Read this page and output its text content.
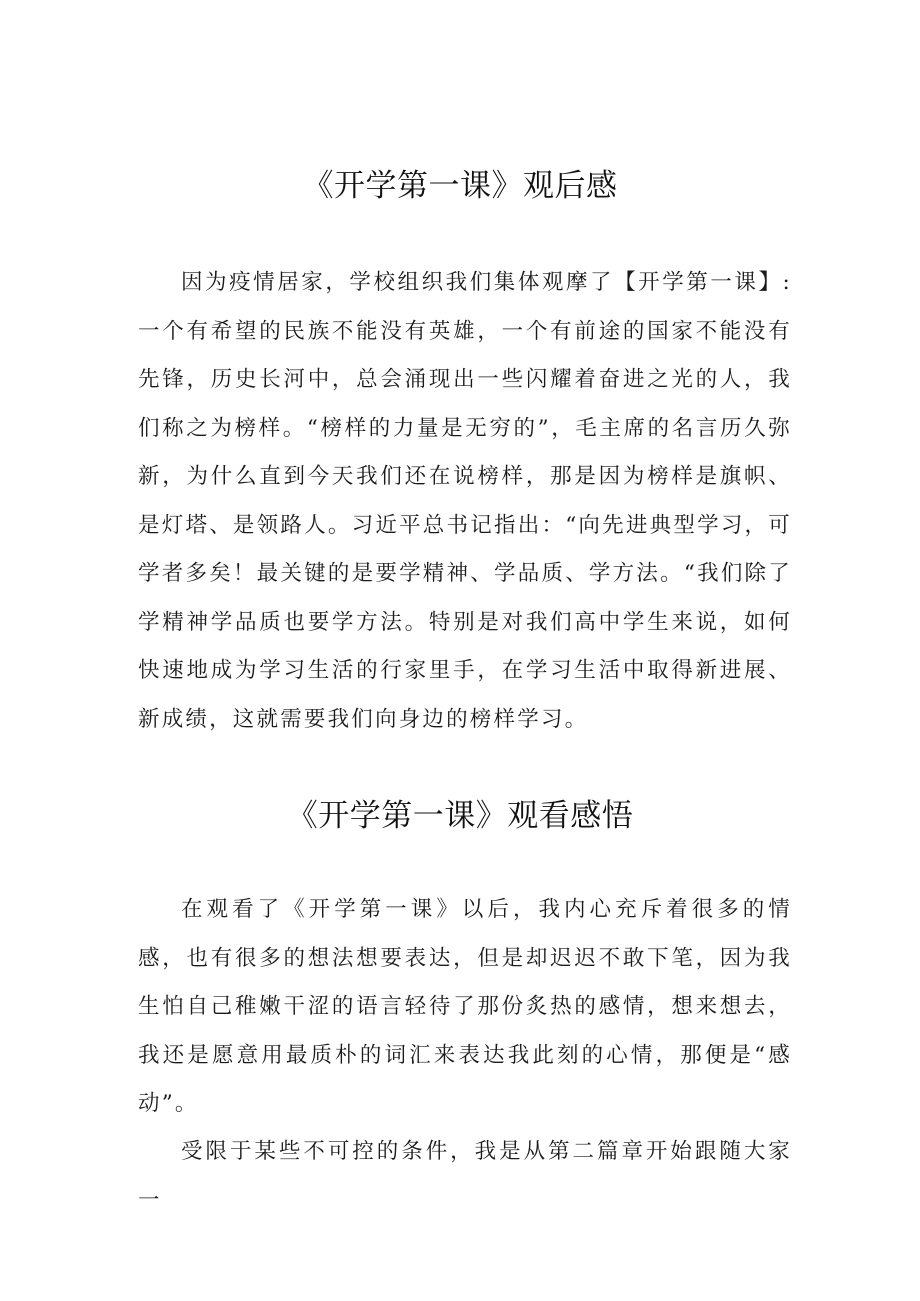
《开学第一课》观后感

因为疫情居家，学校组织我们集体观摩了【开学第一课】:一个有希望的民族不能没有英雄，一个有前途的国家不能没有先锋，历史长河中，总会涌现出一些闪耀着奋进之光的人，我们称之为榜样。“榜样的力量是无穷的”，毛主席的名言历久弥新，为什么直到今天我们还在说榜样，那是因为榜样是旗帜、是灯塔、是领路人。习近平总书记指出：“向先进典型学习，可学者多矣！最关键的是要学精神、学品质、学方法。“我们除了学精神学品质也要学方法。特别是对我们高中学生来说，如何快速地成为学习生活的行家里手，在学习生活中取得新进展、新成绩，这就需要我们向身边的榜样学习。

《开学第一课》观看感悟

在观看了《开学第一课》以后，我内心充斥着很多的情感，也有很多的想法想要表达，但是却迟迟不敢下笔，因为我生怕自己稚嫩干涩的语言轻待了那份炙热的感情，想来想去，我还是愿意用最质朴的词汇来表达我此刻的心情，那便是“感动”。

受限于某些不可控的条件，我是从第二篇章开始跟随大家一
